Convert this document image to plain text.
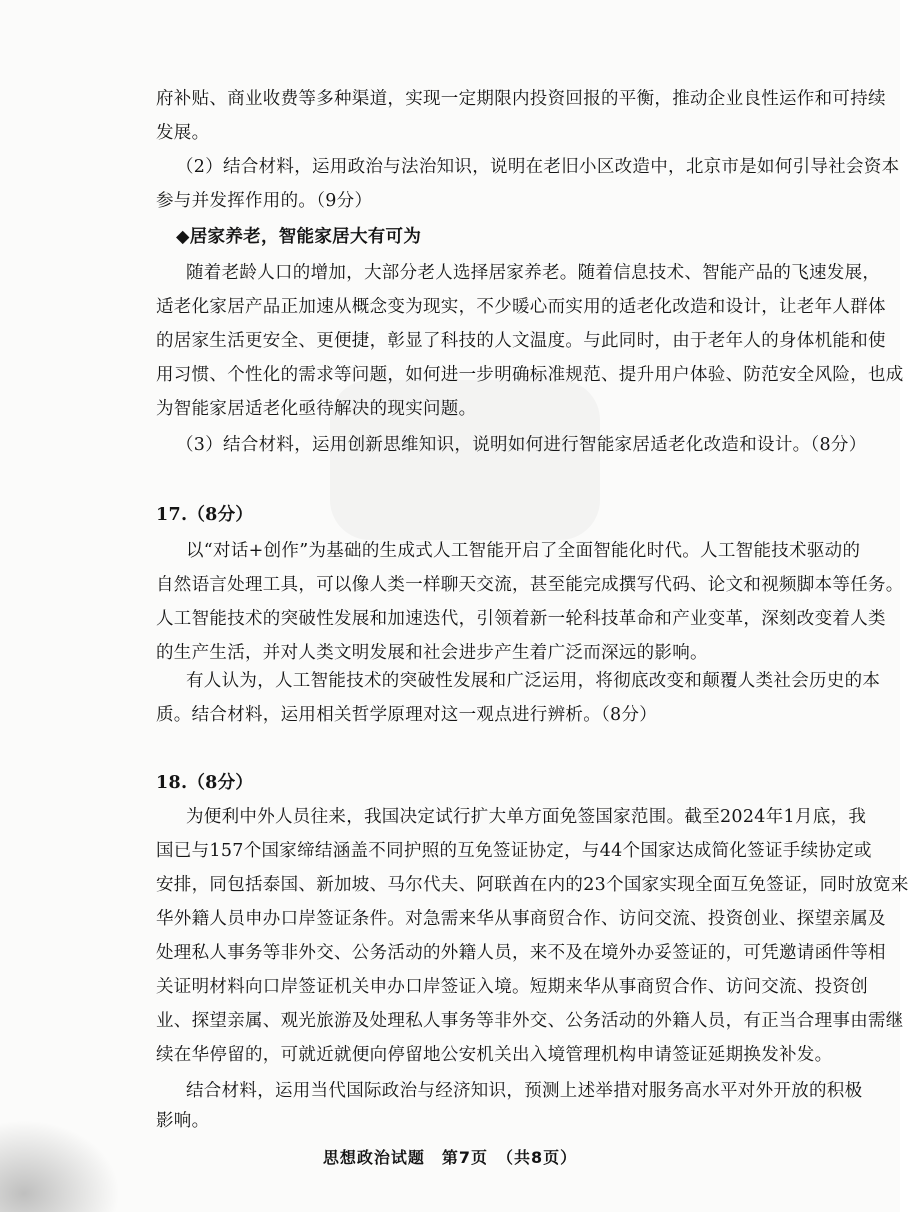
府补贴、商业收费等多种渠道，实现一定期限内投资回报的平衡，推动企业良性运作和可持续
发展。
（2）结合材料，运用政治与法治知识，说明在老旧小区改造中，北京市是如何引导社会资本
参与并发挥作用的。（9分）
◆居家养老，智能家居大有可为
随着老龄人口的增加，大部分老人选择居家养老。随着信息技术、智能产品的飞速发展，
适老化家居产品正加速从概念变为现实，不少暖心而实用的适老化改造和设计，让老年人群体
的居家生活更安全、更便捷，彰显了科技的人文温度。与此同时，由于老年人的身体机能和使
用习惯、个性化的需求等问题，如何进一步明确标准规范、提升用户体验、防范安全风险，也成
为智能家居适老化亟待解决的现实问题。
（3）结合材料，运用创新思维知识，说明如何进行智能家居适老化改造和设计。（8分）
17.（8分）
以“对话+创作”为基础的生成式人工智能开启了全面智能化时代。人工智能技术驱动的
自然语言处理工具，可以像人类一样聊天交流，甚至能完成撰写代码、论文和视频脚本等任务。
人工智能技术的突破性发展和加速迭代，引领着新一轮科技革命和产业变革，深刻改变着人类
的生产生活，并对人类文明发展和社会进步产生着广泛而深远的影响。
有人认为，人工智能技术的突破性发展和广泛运用，将彻底改变和颠覆人类社会历史的本
质。结合材料，运用相关哲学原理对这一观点进行辨析。（8分）
18.（8分）
为便利中外人员往来，我国决定试行扩大单方面免签国家范围。截至2024年1月底，我
国已与157个国家缔结涵盖不同护照的互免签证协定，与44个国家达成简化签证手续协定或
安排，同包括泰国、新加坡、马尔代夫、阿联酋在内的23个国家实现全面互免签证，同时放宽来
华外籍人员申办口岸签证条件。对急需来华从事商贸合作、访问交流、投资创业、探望亲属及
处理私人事务等非外交、公务活动的外籍人员，来不及在境外办妥签证的，可凭邀请函件等相
关证明材料向口岸签证机关申办口岸签证入境。短期来华从事商贸合作、访问交流、投资创
业、探望亲属、观光旅游及处理私人事务等非外交、公务活动的外籍人员，有正当合理事由需继
续在华停留的，可就近就便向停留地公安机关出入境管理机构申请签证延期换发补发。
结合材料，运用当代国际政治与经济知识，预测上述举措对服务高水平对外开放的积极
影响。
思想政治试题　第7页　（共8页）
